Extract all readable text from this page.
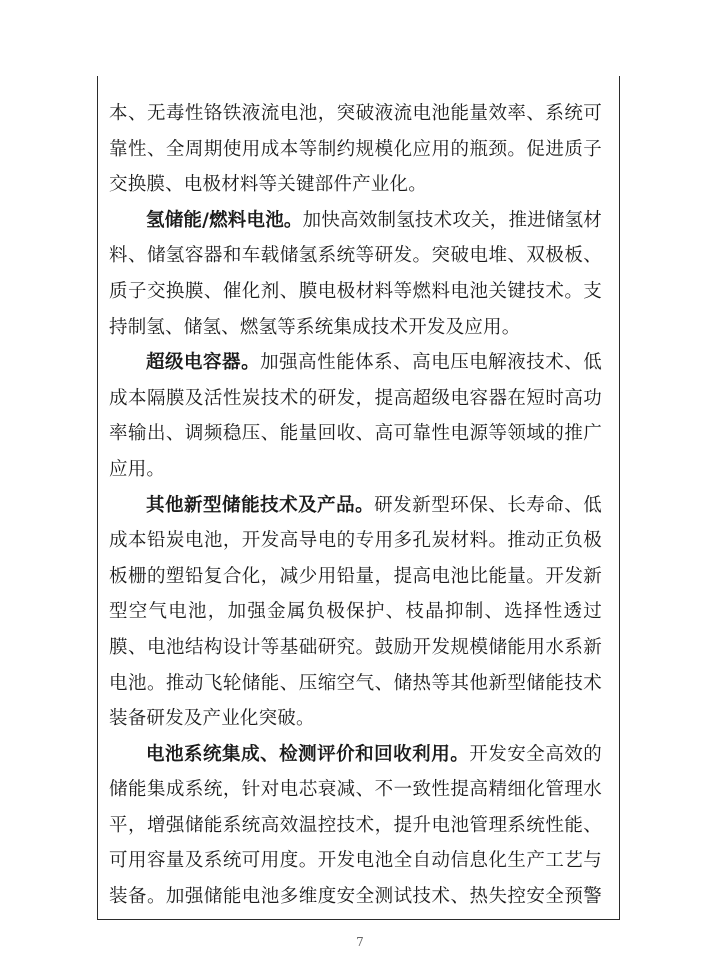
本、无毒性铬铁液流电池，突破液流电池能量效率、系统可靠性、全周期使用成本等制约规模化应用的瓶颈。促进质子交换膜、电极材料等关键部件产业化。

氢储能/燃料电池。加快高效制氢技术攻关，推进储氢材料、储氢容器和车载储氢系统等研发。突破电堆、双极板、质子交换膜、催化剂、膜电极材料等燃料电池关键技术。支持制氢、储氢、燃氢等系统集成技术开发及应用。

超级电容器。加强高性能体系、高电压电解液技术、低成本隔膜及活性炭技术的研发，提高超级电容器在短时高功率输出、调频稳压、能量回收、高可靠性电源等领域的推广应用。

其他新型储能技术及产品。研发新型环保、长寿命、低成本铅炭电池，开发高导电的专用多孔炭材料。推动正负极板栅的塑铅复合化，减少用铅量，提高电池比能量。开发新型空气电池，加强金属负极保护、枝晶抑制、选择性透过膜、电池结构设计等基础研究。鼓励开发规模储能用水系新电池。推动飞轮储能、压缩空气、储热等其他新型储能技术装备研发及产业化突破。

电池系统集成、检测评价和回收利用。开发安全高效的储能集成系统，针对电芯衰减、不一致性提高精细化管理水平，增强储能系统高效温控技术，提升电池管理系统性能、可用容量及系统可用度。开发电池全自动信息化生产工艺与装备。加强储能电池多维度安全测试技术、热失控安全预警

7
